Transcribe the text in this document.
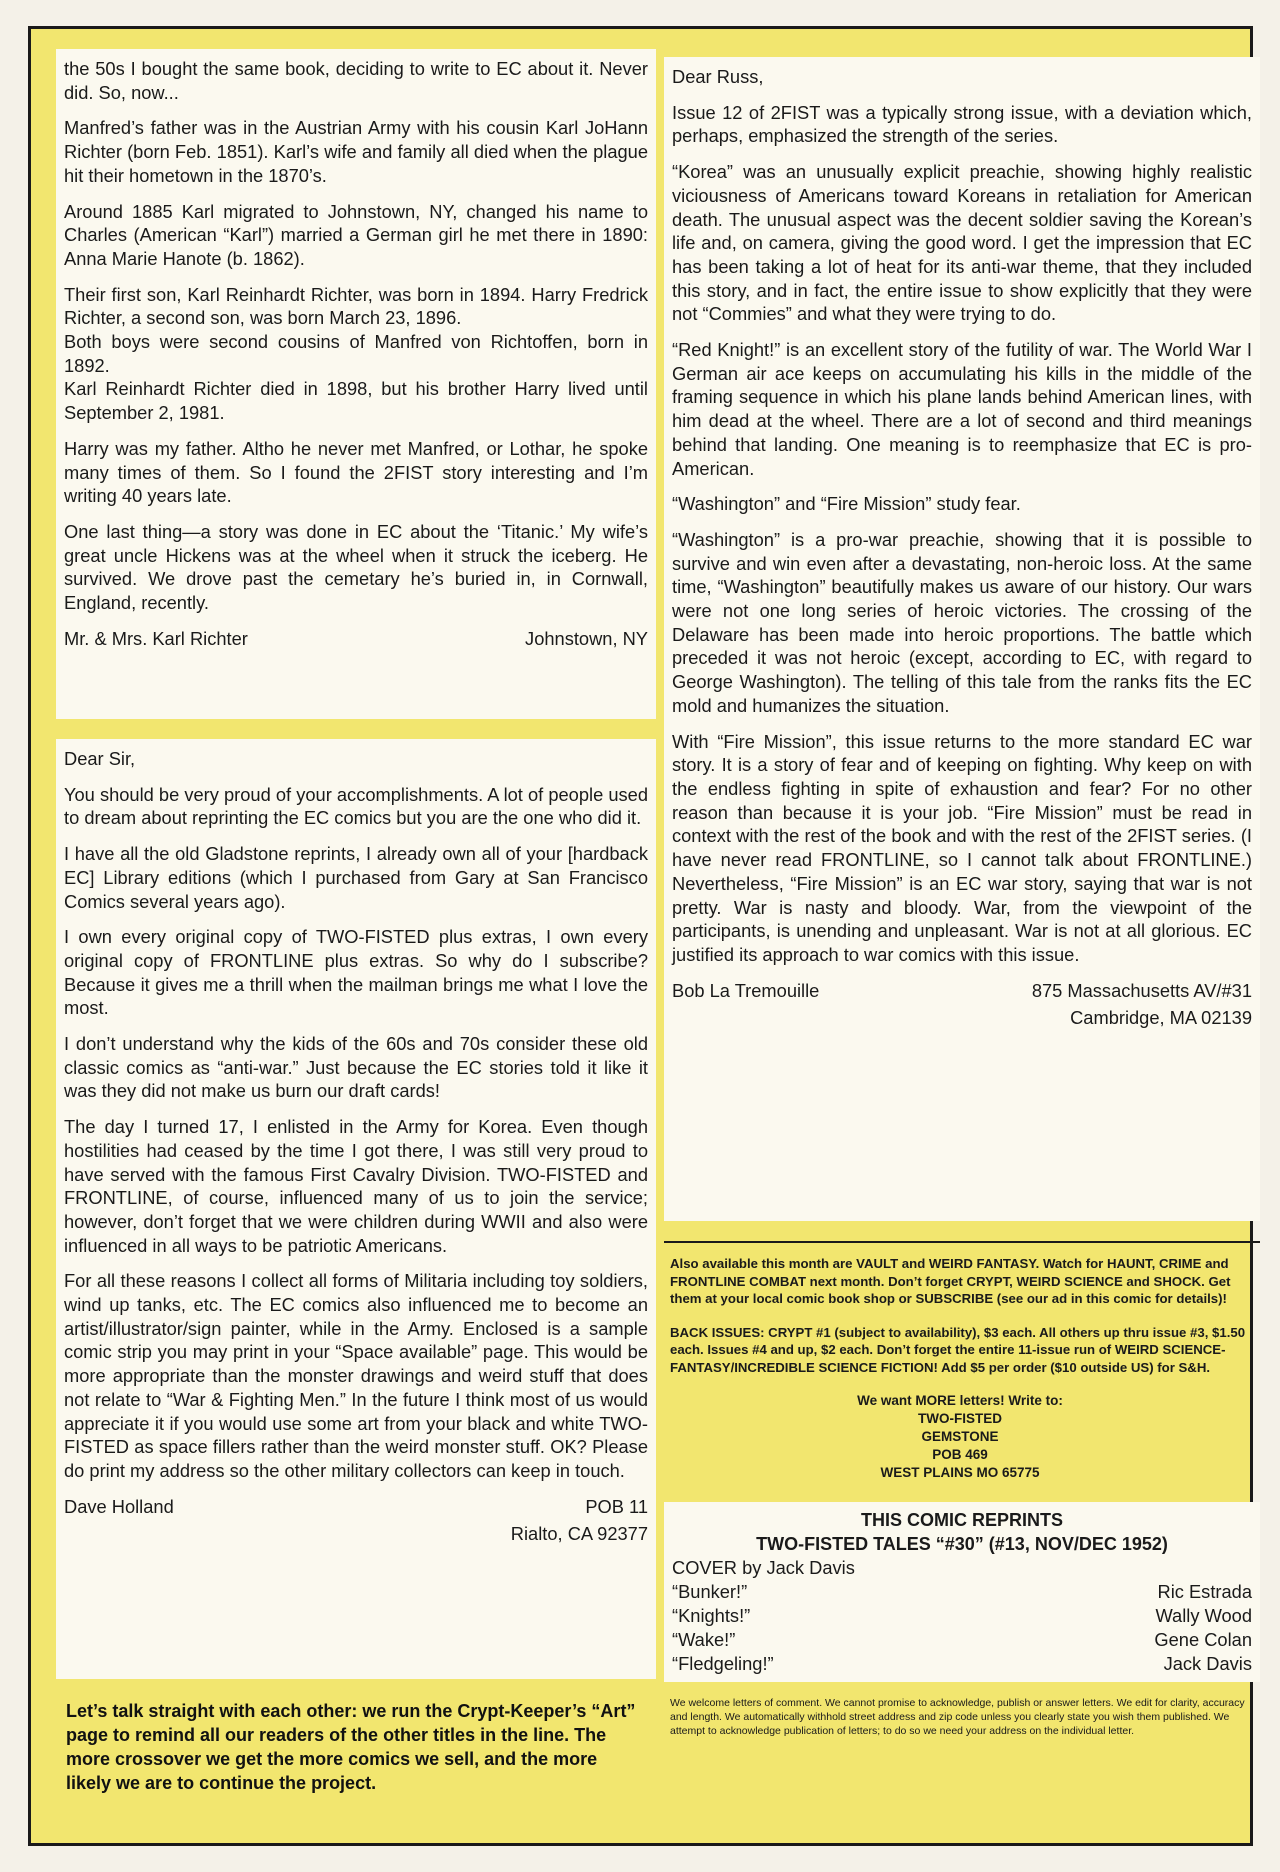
the 50s I bought the same book, deciding to write to EC about it. Never did. So, now...

Manfred’s father was in the Austrian Army with his cousin Karl JoHann Richter (born Feb. 1851). Karl’s wife and family all died when the plague hit their hometown in the 1870’s.

Around 1885 Karl migrated to Johnstown, NY, changed his name to Charles (American “Karl”) married a German girl he met there in 1890: Anna Marie Hanote (b. 1862).

Their first son, Karl Reinhardt Richter, was born in 1894. Harry Fredrick Richter, a second son, was born March 23, 1896.

Both boys were second cousins of Manfred von Richtoffen, born in 1892.

Karl Reinhardt Richter died in 1898, but his brother Harry lived until September 2, 1981.

Harry was my father. Altho he never met Manfred, or Lothar, he spoke many times of them. So I found the 2FIST story interesting and I’m writing 40 years late.

One last thing—a story was done in EC about the ‘Titanic.’ My wife’s great uncle Hickens was at the wheel when it struck the iceberg. He survived. We drove past the cemetary he’s buried in, in Cornwall, England, recently.

Mr. & Mrs. Karl Richter	Johnstown, NY

Dear Sir,

You should be very proud of your accomplishments. A lot of people used to dream about reprinting the EC comics but you are the one who did it.

I have all the old Gladstone reprints, I already own all of your [hardback EC] Library editions (which I purchased from Gary at San Francisco Comics several years ago).

I own every original copy of TWO-FISTED plus extras, I own every original copy of FRONTLINE plus extras. So why do I subscribe? Because it gives me a thrill when the mailman brings me what I love the most.

I don’t understand why the kids of the 60s and 70s consider these old classic comics as “anti-war.” Just because the EC stories told it like it was they did not make us burn our draft cards!

The day I turned 17, I enlisted in the Army for Korea. Even though hostilities had ceased by the time I got there, I was still very proud to have served with the famous First Cavalry Division. TWO-FISTED and FRONTLINE, of course, influenced many of us to join the service; however, don’t forget that we were children during WWII and also were influenced in all ways to be patriotic Americans.

For all these reasons I collect all forms of Militaria including toy soldiers, wind up tanks, etc. The EC comics also influenced me to become an artist/illustrator/sign painter, while in the Army. Enclosed is a sample comic strip you may print in your “Space available” page. This would be more appropriate than the monster drawings and weird stuff that does not relate to “War & Fighting Men.” In the future I think most of us would appreciate it if you would use some art from your black and white TWO-FISTED as space fillers rather than the weird monster stuff. OK? Please do print my address so the other military collectors can keep in touch.

Dave Holland	POB 11
Rialto, CA 92377
Let’s talk straight with each other: we run the Crypt-Keeper’s “Art” page to remind all our readers of the other titles in the line. The more crossover we get the more comics we sell, and the more likely we are to continue the project.

Dear Russ,

Issue 12 of 2FIST was a typically strong issue, with a deviation which, perhaps, emphasized the strength of the series.

“Korea” was an unusually explicit preachie, showing highly realistic viciousness of Americans toward Koreans in retaliation for American death. The unusual aspect was the decent soldier saving the Korean’s life and, on camera, giving the good word. I get the impression that EC has been taking a lot of heat for its anti-war theme, that they included this story, and in fact, the entire issue to show explicitly that they were not “Commies” and what they were trying to do.

“Red Knight!” is an excellent story of the futility of war. The World War I German air ace keeps on accumulating his kills in the middle of the framing sequence in which his plane lands behind American lines, with him dead at the wheel. There are a lot of second and third meanings behind that landing. One meaning is to reemphasize that EC is pro-American.

“Washington” and “Fire Mission” study fear.

“Washington” is a pro-war preachie, showing that it is possible to survive and win even after a devastating, non-heroic loss. At the same time, “Washington” beautifully makes us aware of our history. Our wars were not one long series of heroic victories. The crossing of the Delaware has been made into heroic proportions. The battle which preceded it was not heroic (except, according to EC, with regard to George Washington). The telling of this tale from the ranks fits the EC mold and humanizes the situation.

With “Fire Mission”, this issue returns to the more standard EC war story. It is a story of fear and of keeping on fighting. Why keep on with the endless fighting in spite of exhaustion and fear? For no other reason than because it is your job. “Fire Mission” must be read in context with the rest of the book and with the rest of the 2FIST series. (I have never read FRONTLINE, so I cannot talk about FRONTLINE.) Nevertheless, “Fire Mission” is an EC war story, saying that war is not pretty. War is nasty and bloody. War, from the viewpoint of the participants, is unending and unpleasant. War is not at all glorious. EC justified its approach to war comics with this issue.

Bob La Tremouille	875 Massachusetts AV/#31
Cambridge, MA 02139

Also available this month are VAULT and WEIRD FANTASY. Watch for HAUNT, CRIME and FRONTLINE COMBAT next month. Don’t forget CRYPT, WEIRD SCIENCE and SHOCK. Get them at your local comic book shop or SUBSCRIBE (see our ad in this comic for details)!

BACK ISSUES: CRYPT #1 (subject to availability), $3 each. All others up thru issue #3, $1.50 each. Issues #4 and up, $2 each. Don’t forget the entire 11-issue run of WEIRD SCIENCE-FANTASY/INCREDIBLE SCIENCE FICTION! Add $5 per order ($10 outside US) for S&H.

We want MORE letters! Write to:
TWO-FISTED
GEMSTONE
POB 469
WEST PLAINS MO 65775
THIS COMIC REPRINTS
TWO-FISTED TALES “#30” (#13, NOV/DEC 1952)
COVER by Jack Davis
“Bunker!”	Ric Estrada
“Knights!”	Wally Wood
“Wake!”	Gene Colan
“Fledgeling!”	Jack Davis
We welcome letters of comment. We cannot promise to acknowledge, publish or answer letters. We edit for clarity, accuracy and length. We automatically withhold street address and zip code unless you clearly state you wish them published. We attempt to acknowledge publication of letters; to do so we need your address on the individual letter.
